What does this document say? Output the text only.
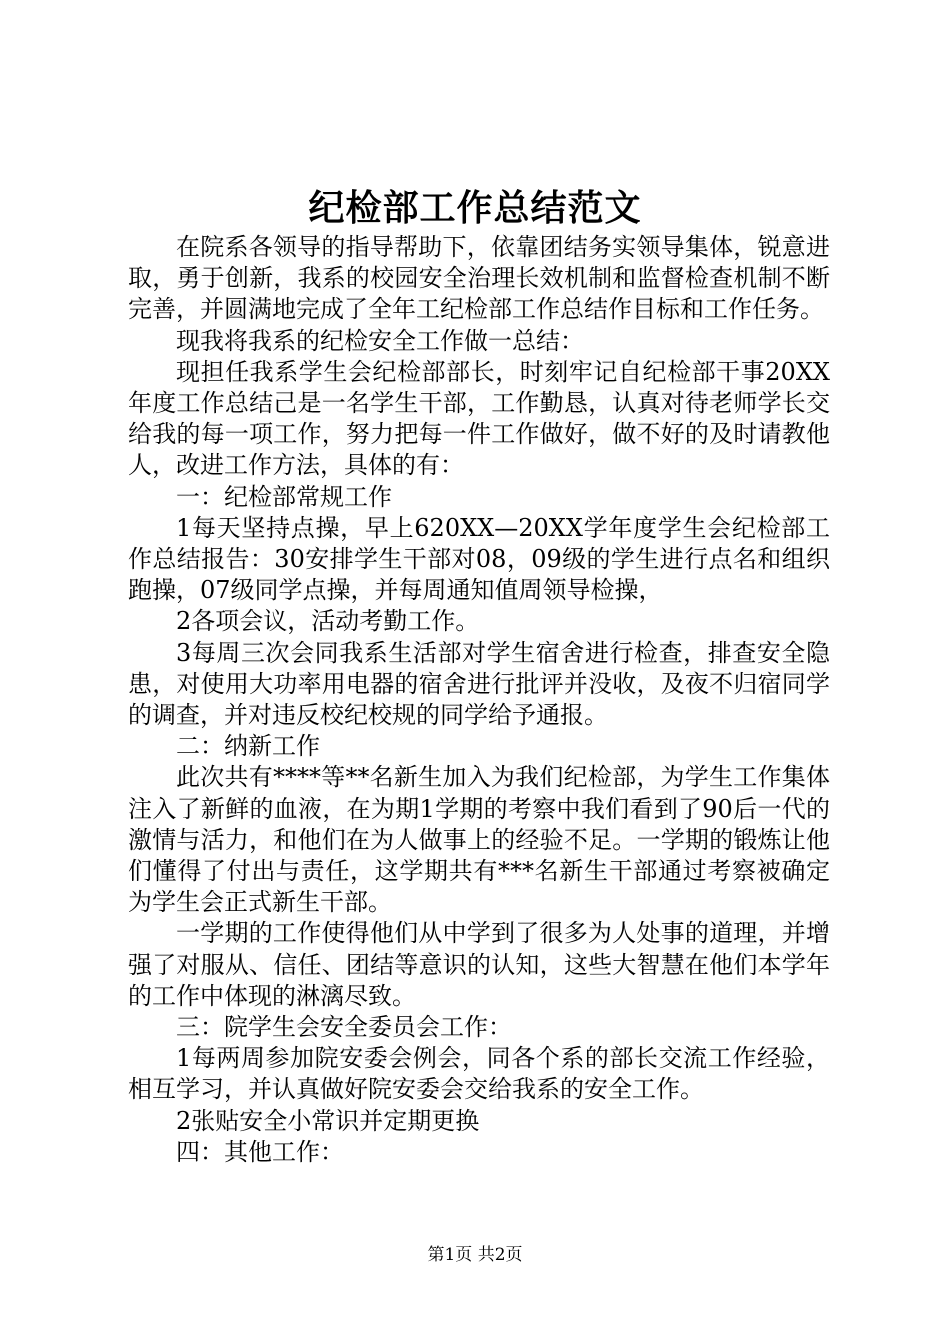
纪检部工作总结范文

在院系各领导的指导帮助下，依靠团结务实领导集体，锐意进取，勇于创新，我系的校园安全治理长效机制和监督检查机制不断完善，并圆满地完成了全年工纪检部工作总结作目标和工作任务。

现我将我系的纪检安全工作做一总结：

现担任我系学生会纪检部部长，时刻牢记自纪检部干事20XX年度工作总结己是一名学生干部，工作勤恳，认真对待老师学长交给我的每一项工作，努力把每一件工作做好，做不好的及时请教他人，改进工作方法，具体的有：

一：纪检部常规工作

1每天坚持点操，早上620XX—20XX学年度学生会纪检部工作总结报告：30安排学生干部对08，09级的学生进行点名和组织跑操，07级同学点操，并每周通知值周领导检操，

2各项会议，活动考勤工作。

3每周三次会同我系生活部对学生宿舍进行检查，排查安全隐患，对使用大功率用电器的宿舍进行批评并没收，及夜不归宿同学的调查，并对违反校纪校规的同学给予通报。

二：纳新工作

此次共有****等**名新生加入为我们纪检部，为学生工作集体注入了新鲜的血液，在为期1学期的考察中我们看到了90后一代的激情与活力，和他们在为人做事上的经验不足。一学期的锻炼让他们懂得了付出与责任，这学期共有***名新生干部通过考察被确定为学生会正式新生干部。

一学期的工作使得他们从中学到了很多为人处事的道理，并增强了对服从、信任、团结等意识的认知，这些大智慧在他们本学年的工作中体现的淋漓尽致。

三：院学生会安全委员会工作：

1每两周参加院安委会例会，同各个系的部长交流工作经验，相互学习，并认真做好院安委会交给我系的安全工作。

2张贴安全小常识并定期更换

四：其他工作：

第1页 共2页
